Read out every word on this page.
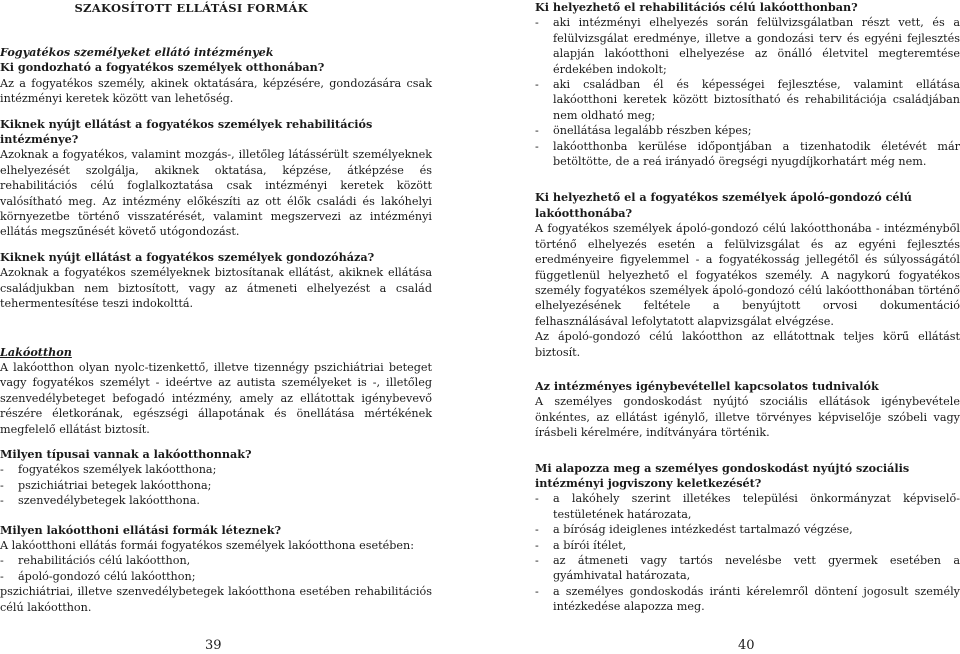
SZAKOSÍTOTT ELLÁTÁSI FORMÁK

Fogyatékos személyeket ellátó intézmények

Ki gondozható a fogyatékos személyek otthonában?

Az a fogyatékos személy, akinek oktatására, képzésére, gondozására csak intézményi keretek között van lehetőség.

Kiknek nyújt ellátást a fogyatékos személyek rehabilitációs intézménye?

Azoknak a fogyatékos, valamint mozgás-, illetőleg látássérült személyeknek elhelyezését szolgálja, akiknek oktatása, képzése, átképzése és rehabilitációs célú foglalkoztatása csak intézményi keretek között valósítható meg. Az intézmény előkészíti az ott élők családi és lakóhelyi környezetbe történő visszatérését, valamint megszervezi az intézményi ellátás megszűnését követő utógondozást.

Kiknek nyújt ellátást a fogyatékos személyek gondozóháza?

Azoknak a fogyatékos személyeknek biztosítanak ellátást, akiknek ellátása családjukban nem biztosított, vagy az átmeneti elhelyezést a család tehermentesítése teszi indokolttá.

Lakóotthon

A lakóotthon olyan nyolc-tizenkettő, illetve tizennégy pszichiátriai beteget vagy fogyatékos személyt - ideértve az autista személyeket is -, illetőleg szenvedélybeteget befogadó intézmény, amely az ellátottak igénybevevő részére életkorának, egészségi állapotának és önellátása mértékének megfelelő ellátást biztosít.

Milyen típusai vannak a lakóotthonnak?

- fogyatékos személyek lakóotthona;
- pszichiátriai betegek lakóotthona;
- szenvedélybetegek lakóotthona.

Milyen lakóotthoni ellátási formák léteznek?

A lakóotthoni ellátás formái fogyatékos személyek lakóotthona esetében:

- rehabilitációs célú lakóotthon,
- ápoló-gondozó célú lakóotthon;

pszichiátriai, illetve szenvedélybetegek lakóotthona esetében rehabilitációs célú lakóotthon.

39

Ki helyezhető el rehabilitációs célú lakóotthonban?

- aki intézményi elhelyezés során felülvizsgálatban részt vett, és a felülvizsgálat eredménye, illetve a gondozási terv és egyéni fejlesztés alapján lakóotthoni elhelyezése az önálló életvitel megteremtése érdekében indokolt;
- aki családban él és képességei fejlesztése, valamint ellátása lakóotthoni keretek között biztosítható és rehabilitációja családjában nem oldható meg;
- önellátása legalább részben képes;
- lakóotthonba kerülése időpontjában a tizenhatodik életévét már betöltötte, de a reá irányadó öregségi nyugdíjkorhatárt még nem.

Ki helyezhető el a fogyatékos személyek ápoló-gondozó célú lakóotthonába?

A fogyatékos személyek ápoló-gondozó célú lakóotthonába - intézményből történő elhelyezés esetén a felülvizsgálat és az egyéni fejlesztés eredményeire figyelemmel - a fogyatékosság jellegétől és súlyosságától függetlenül helyezhető el fogyatékos személy. A nagykorú fogyatékos személy fogyatékos személyek ápoló-gondozó célú lakóotthonában történő elhelyezésének feltétele a benyújtott orvosi dokumentáció felhasználásával lefolytatott alapvizsgálat elvégzése.

Az ápoló-gondozó célú lakóotthon az ellátottnak teljes körű ellátást biztosít.

Az intézményes igénybevétellel kapcsolatos tudnivalók

A személyes gondoskodást nyújtó szociális ellátások igénybevétele önkéntes, az ellátást igénylő, illetve törvényes képviselője szóbeli vagy írásbeli kérelmére, indítványára történik.

Mi alapozza meg a személyes gondoskodást nyújtó szociális intézményi jogviszony keletkezését?

- a lakóhely szerint illetékes települési önkormányzat képviselő-testületének határozata,
- a bíróság ideiglenes intézkedést tartalmazó végzése,
- a bírói ítélet,
- az átmeneti vagy tartós nevelésbe vett gyermek esetében a gyámhivatal határozata,
- a személyes gondoskodás iránti kérelemről döntení jogosult személy intézkedése alapozza meg.
40
